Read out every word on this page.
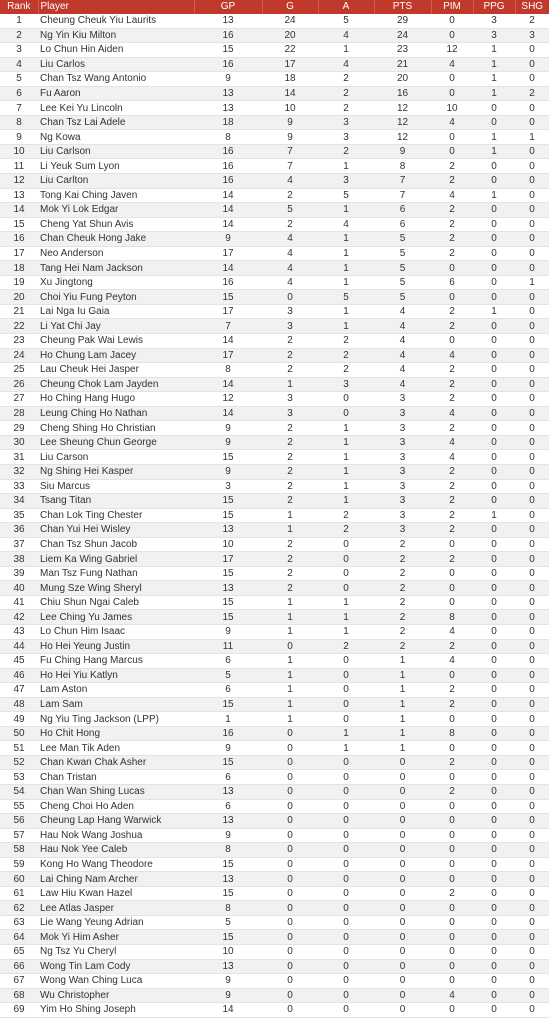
Rank	Player	GP	G	A	PTS	PIM	PPG	SHG
1	Cheung Cheuk Yiu Laurits	13	24	5	29	0	3	2
2	Ng Yin Kiu Milton	16	20	4	24	0	3	3
3	Lo Chun Hin Aiden	15	22	1	23	12	1	0
4	Liu Carlos	16	17	4	21	4	1	0
5	Chan Tsz Wang Antonio	9	18	2	20	0	1	0
6	Fu Aaron	13	14	2	16	0	1	2
7	Lee Kei Yu Lincoln	13	10	2	12	10	0	0
8	Chan Tsz Lai Adele	18	9	3	12	4	0	0
9	Ng Kowa	8	9	3	12	0	1	1
10	Liu Carlson	16	7	2	9	0	1	0
11	Li Yeuk Sum Lyon	16	7	1	8	2	0	0
12	Liu Carlton	16	4	3	7	2	0	0
13	Tong Kai Ching Javen	14	2	5	7	4	1	0
14	Mok Yi Lok Edgar	14	5	1	6	2	0	0
15	Cheng Yat Shun Avis	14	2	4	6	2	0	0
16	Chan Cheuk Hong Jake	9	4	1	5	2	0	0
17	Neo Anderson	17	4	1	5	2	0	0
18	Tang Hei Nam Jackson	14	4	1	5	0	0	0
19	Xu Jingtong	16	4	1	5	6	0	1
20	Choi Yiu Fung Peyton	15	0	5	5	0	0	0
21	Lai Nga Iu Gaia	17	3	1	4	2	1	0
22	Li Yat Chi Jay	7	3	1	4	2	0	0
23	Cheung Pak Wai Lewis	14	2	2	4	0	0	0
24	Ho Chung Lam Jacey	17	2	2	4	4	0	0
25	Lau Cheuk Hei Jasper	8	2	2	4	2	0	0
26	Cheung Chok Lam Jayden	14	1	3	4	2	0	0
27	Ho Ching Hang Hugo	12	3	0	3	2	0	0
28	Leung Ching Ho Nathan	14	3	0	3	4	0	0
29	Cheng Shing Ho Christian	9	2	1	3	2	0	0
30	Lee Sheung Chun George	9	2	1	3	4	0	0
31	Liu Carson	15	2	1	3	4	0	0
32	Ng Shing Hei Kasper	9	2	1	3	2	0	0
33	Siu Marcus	3	2	1	3	2	0	0
34	Tsang Titan	15	2	1	3	2	0	0
35	Chan Lok Ting Chester	15	1	2	3	2	1	0
36	Chan Yui Hei Wisley	13	1	2	3	2	0	0
37	Chan Tsz Shun Jacob	10	2	0	2	0	0	0
38	Liem Ka Wing Gabriel	17	2	0	2	2	0	0
39	Man Tsz Fung Nathan	15	2	0	2	0	0	0
40	Mung Sze Wing Sheryl	13	2	0	2	0	0	0
41	Chiu Shun Ngai Caleb	15	1	1	2	0	0	0
42	Lee Ching Yu James	15	1	1	2	8	0	0
43	Lo Chun Him Isaac	9	1	1	2	4	0	0
44	Ho Hei Yeung Justin	11	0	2	2	2	0	0
45	Fu Ching Hang Marcus	6	1	0	1	4	0	0
46	Ho Hei Yiu Katlyn	5	1	0	1	0	0	0
47	Lam Aston	6	1	0	1	2	0	0
48	Lam Sam	15	1	0	1	2	0	0
49	Ng Yiu Ting Jackson (LPP)	1	1	0	1	0	0	0
50	Ho Chit Hong	16	0	1	1	8	0	0
51	Lee Man Tik Aden	9	0	1	1	0	0	0
52	Chan Kwan Chak Asher	15	0	0	0	2	0	0
53	Chan Tristan	6	0	0	0	0	0	0
54	Chan Wan Shing Lucas	13	0	0	0	2	0	0
55	Cheng Choi Ho Aden	6	0	0	0	0	0	0
56	Cheung Lap Hang Warwick	13	0	0	0	0	0	0
57	Hau Nok Wang Joshua	9	0	0	0	0	0	0
58	Hau Nok Yee Caleb	8	0	0	0	0	0	0
59	Kong Ho Wang Theodore	15	0	0	0	0	0	0
60	Lai Ching Nam Archer	13	0	0	0	0	0	0
61	Law Hiu Kwan Hazel	15	0	0	0	2	0	0
62	Lee Atlas Jasper	8	0	0	0	0	0	0
63	Lie Wang Yeung Adrian	5	0	0	0	0	0	0
64	Mok Yi Him Asher	15	0	0	0	0	0	0
65	Ng Tsz Yu Cheryl	10	0	0	0	0	0	0
66	Wong Tin Lam Cody	13	0	0	0	0	0	0
67	Wong Wan Ching Luca	9	0	0	0	0	0	0
68	Wu Christopher	9	0	0	0	4	0	0
69	Yim Ho Shing Joseph	14	0	0	0	0	0	0
